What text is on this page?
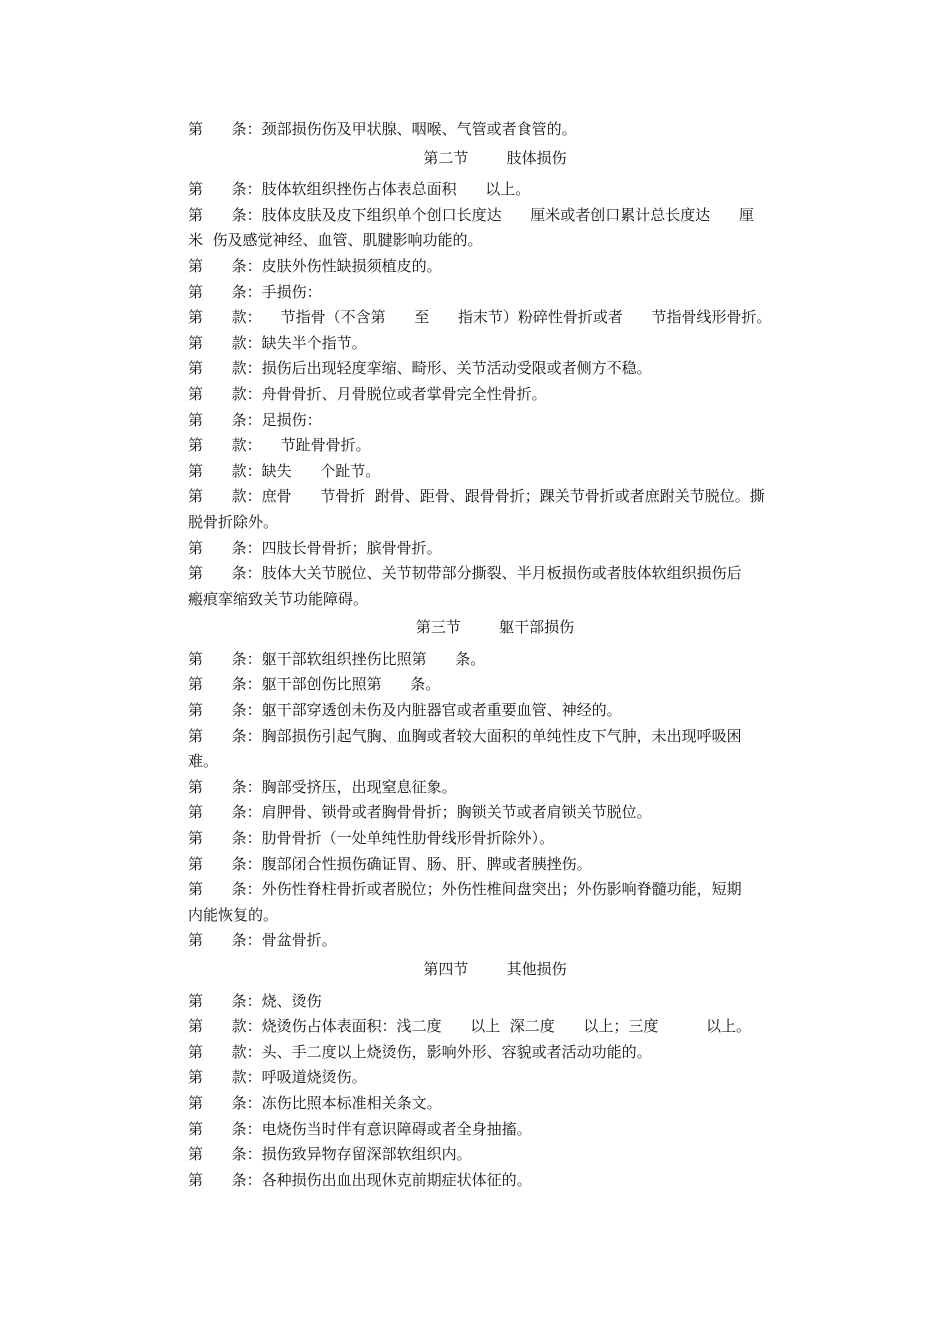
第      条：颈部损伤伤及甲状腺、咽喉、气管或者食管的。
第二节        肢体损伤
第      条：肢体软组织挫伤占体表总面积      以上。
第      条：肢体皮肤及皮下组织单个创口长度达      厘米或者创口累计总长度达      厘
米  伤及感觉神经、血管、肌腱影响功能的。
第      条：皮肤外伤性缺损须植皮的。
第      条：手损伤：
第      款：    节指骨（不含第      至      指末节）粉碎性骨折或者      节指骨线形骨折。
第      款：缺失半个指节。
第      款：损伤后出现轻度挛缩、畸形、关节活动受限或者侧方不稳。
第      款：舟骨骨折、月骨脱位或者掌骨完全性骨折。
第      条：足损伤：
第      款：    节趾骨骨折。
第      款：缺失      个趾节。
第      款：庶骨      节骨折  跗骨、距骨、跟骨骨折；踝关节骨折或者庶跗关节脱位。撕
脱骨折除外。
第      条：四肢长骨骨折；膑骨骨折。
第      条：肢体大关节脱位、关节韧带部分撕裂、半月板损伤或者肢体软组织损伤后
瘢痕挛缩致关节功能障碍。
第三节        躯干部损伤
第      条：躯干部软组织挫伤比照第      条。
第      条：躯干部创伤比照第      条。
第      条：躯干部穿透创未伤及内脏器官或者重要血管、神经的。
第      条：胸部损伤引起气胸、血胸或者较大面积的单纯性皮下气肿，未出现呼吸困
难。
第      条：胸部受挤压，出现窒息征象。
第      条：肩胛骨、锁骨或者胸骨骨折；胸锁关节或者肩锁关节脱位。
第      条：肋骨骨折（一处单纯性肋骨线形骨折除外）。
第      条：腹部闭合性损伤确证胃、肠、肝、脾或者胰挫伤。
第      条：外伤性脊柱骨折或者脱位；外伤性椎间盘突出；外伤影响脊髓功能，短期
内能恢复的。
第      条：骨盆骨折。
第四节        其他损伤
第      条：烧、烫伤
第      款：烧烫伤占体表面积：浅二度      以上  深二度      以上；三度          以上。
第      款：头、手二度以上烧烫伤，影响外形、容貌或者活动功能的。
第      款：呼吸道烧烫伤。
第      条：冻伤比照本标准相关条文。
第      条：电烧伤当时伴有意识障碍或者全身抽搐。
第      条：损伤致异物存留深部软组织内。
第      条：各种损伤出血出现休克前期症状体征的。
